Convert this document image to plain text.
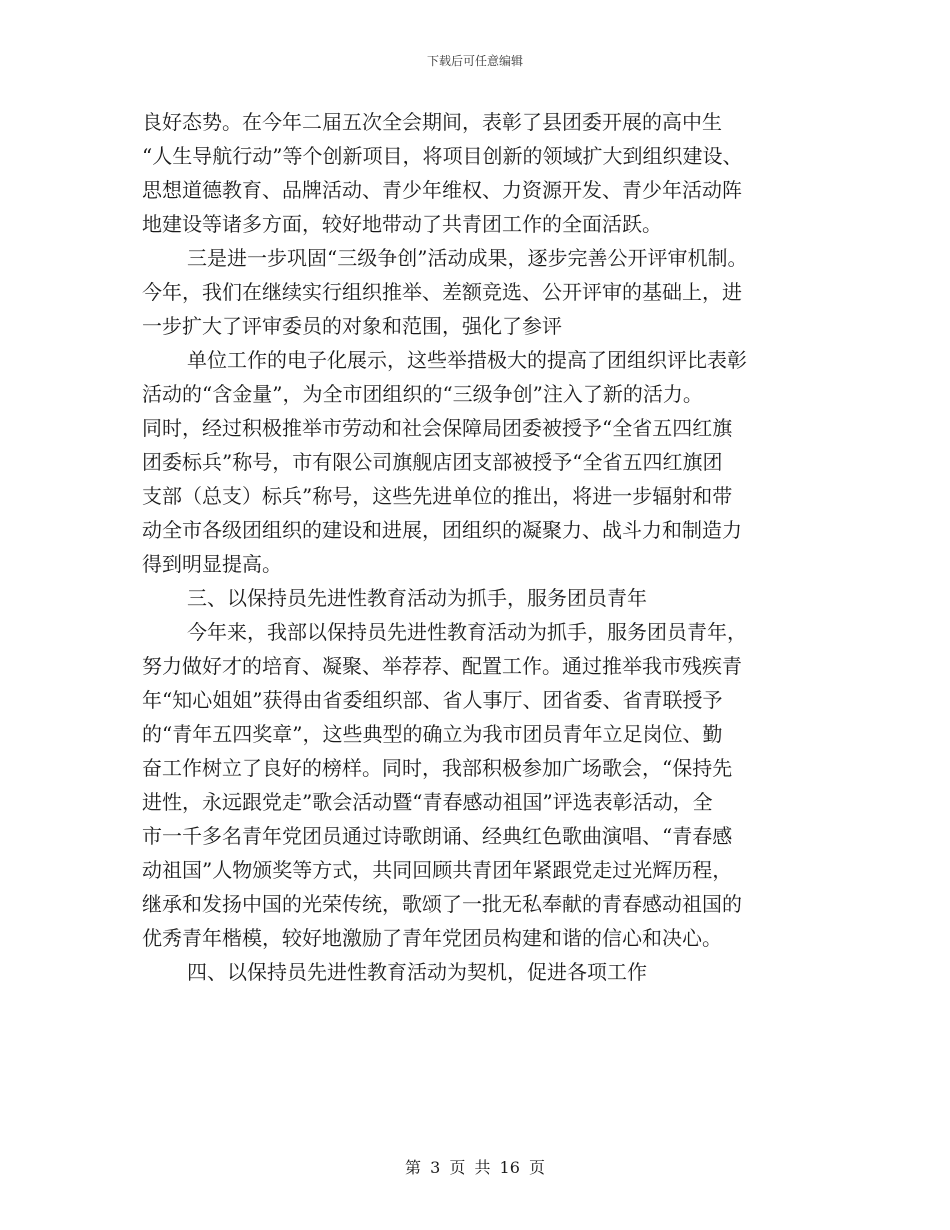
下载后可任意编辑
良好态势。在今年二届五次全会期间，表彰了县团委开展的高中生
“人生导航行动”等个创新项目，将项目创新的领域扩大到组织建设、
思想道德教育、品牌活动、青少年维权、力资源开发、青少年活动阵
地建设等诸多方面，较好地带动了共青团工作的全面活跃。
三是进一步巩固“三级争创”活动成果，逐步完善公开评审机制。
今年，我们在继续实行组织推举、差额竞选、公开评审的基础上，进
一步扩大了评审委员的对象和范围，强化了参评
单位工作的电子化展示，这些举措极大的提高了团组织评比表彰
活动的“含金量”，为全市团组织的“三级争创”注入了新的活力。
同时，经过积极推举市劳动和社会保障局团委被授予“全省五四红旗
团委标兵”称号，市有限公司旗舰店团支部被授予“全省五四红旗团
支部（总支）标兵”称号，这些先进单位的推出，将进一步辐射和带
动全市各级团组织的建设和进展，团组织的凝聚力、战斗力和制造力
得到明显提高。
三、以保持员先进性教育活动为抓手，服务团员青年
今年来，我部以保持员先进性教育活动为抓手，服务团员青年，
努力做好才的培育、凝聚、举荐荐、配置工作。通过推举我市残疾青
年“知心姐姐”获得由省委组织部、省人事厅、团省委、省青联授予
的“青年五四奖章”，这些典型的确立为我市团员青年立足岗位、勤
奋工作树立了良好的榜样。同时，我部积极参加广场歌会，“保持先
进性，永远跟党走”歌会活动暨“青春感动祖国”评选表彰活动，全
市一千多名青年党团员通过诗歌朗诵、经典红色歌曲演唱、“青春感
动祖国”人物颁奖等方式，共同回顾共青团年紧跟党走过光辉历程，
继承和发扬中国的光荣传统，歌颂了一批无私奉献的青春感动祖国的
优秀青年楷模，较好地激励了青年党团员构建和谐的信心和决心。
四、以保持员先进性教育活动为契机，促进各项工作
第 3 页 共 16 页
